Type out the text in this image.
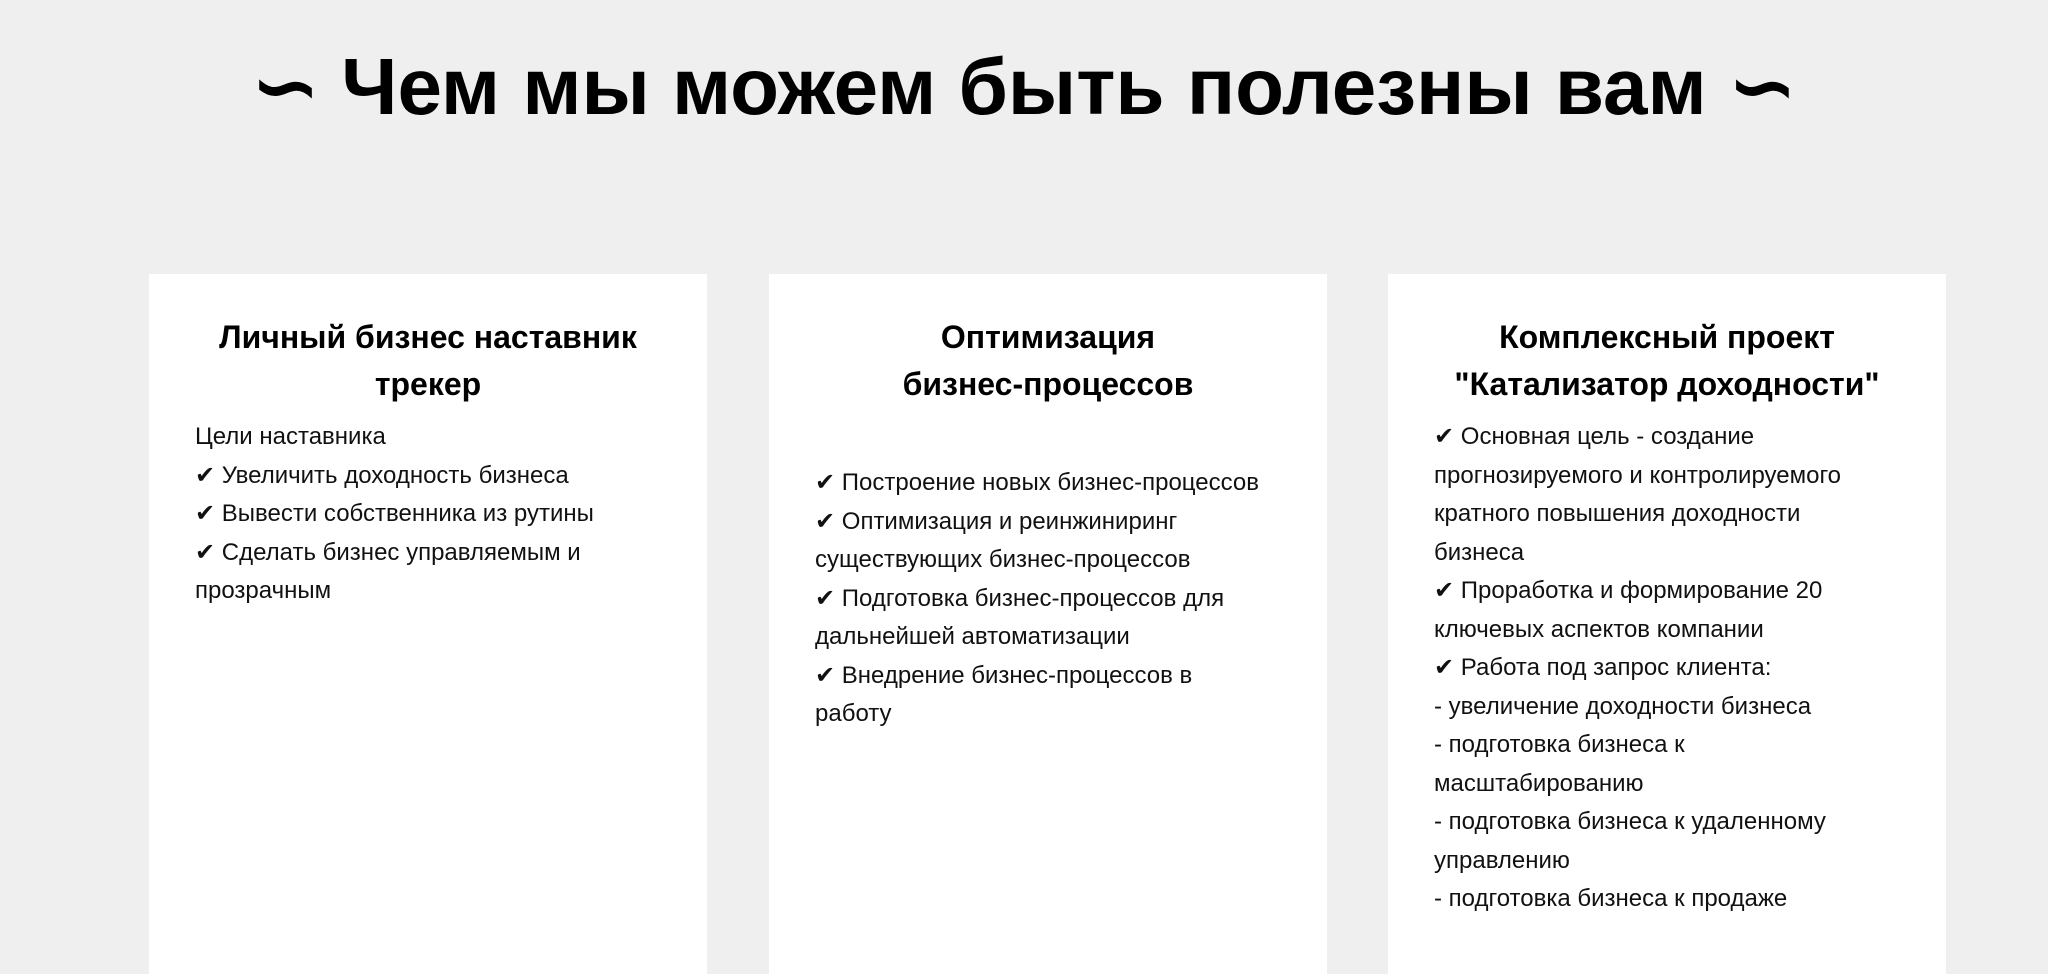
∽ Чем мы можем быть полезны вам ∽
Личный бизнес наставник
трекер
Цели наставника
✔ Увеличить доходность бизнеса
✔ Вывести собственника из рутины
✔ Сделать бизнес управляемым и
прозрачным
Оптимизация
бизнес-процессов
✔ Построение новых бизнес-процессов
✔ Оптимизация и реинжиниринг
существующих бизнес-процессов
✔ Подготовка бизнес-процессов для
дальнейшей автоматизации
✔ Внедрение бизнес-процессов в
работу
Комплексный проект
"Катализатор доходности"
✔ Основная цель - создание
прогнозируемого и контролируемого
кратного повышения доходности
бизнеса
✔ Проработка и формирование 20
ключевых аспектов компании
✔ Работа под запрос клиента:
- увеличение доходности бизнеса
- подготовка бизнеса к
масштабированию
- подготовка бизнеса к удаленному
управлению
- подготовка бизнеса к продаже
